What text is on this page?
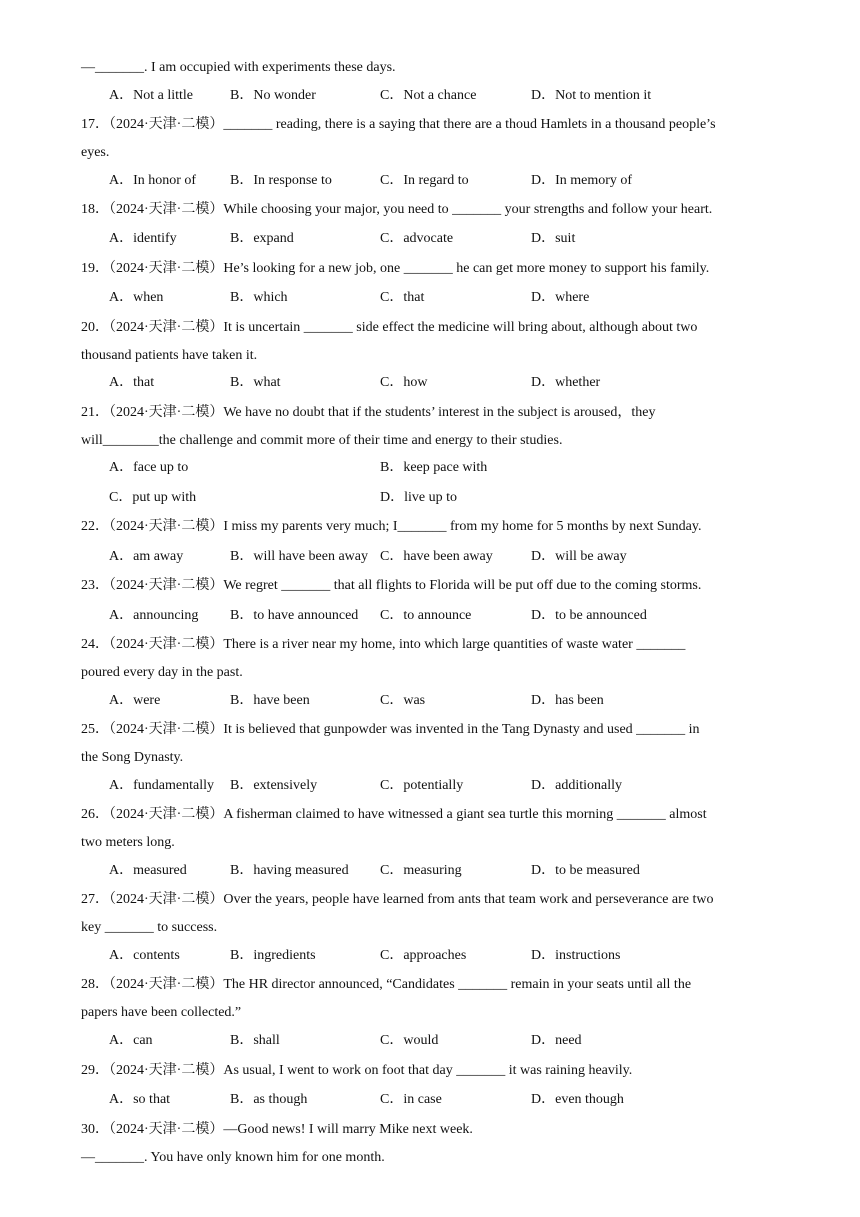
—_______. I am occupied with experiments these days.
A．Not a little	B．No wonder	C．Not a chance	D．Not to mention it
17．（2024·天津·二模）_______ reading, there is a saying that there are a thoud Hamlets in a thousand people’s
eyes.
A．In honor of B．In response to	C．In regard to	D．In memory of
18．（2024·天津·二模）While choosing your major, you need to _______ your strengths and follow your heart.
A．identify	B．expand	C．advocate	D．suit
19．（2024·天津·二模）He’s looking for a new job, one _______ he can get more money to support his family.
A．when	B．which	C．that	D．where
20．（2024·天津·二模）It is uncertain _______ side effect the medicine will bring about, although about two
thousand patients have taken it.
A．that	B．what	C．how	D．whether
21．（2024·天津·二模）We have no doubt that if the students’ interest in the subject is aroused，they
will________the challenge and commit more of their time and energy to their studies.
A．face up to	B．keep pace with
C．put up with	D．live up to
22．（2024·天津·二模）I miss my parents very much; I_______ from my home for 5 months by next Sunday.
A．am away	B．will have been away C．have been away	D．will be away
23．（2024·天津·二模）We regret _______ that all flights to Florida will be put off due to the coming storms.
A．announcing B．to have announced C．to announce	D．to be announced
24．（2024·天津·二模）There is a river near my home, into which large quantities of waste water _______
poured every day in the past.
A．were	B．have been	C．was	D．has been
25．（2024·天津·二模）It is believed that gunpowder was invented in the Tang Dynasty and used _______ in
the Song Dynasty.
A．fundamentally B．extensively	C．potentially	D．additionally
26．（2024·天津·二模）A fisherman claimed to have witnessed a giant sea turtle this morning _______ almost
two meters long.
A．measured	B．having measured C．measuring	D．to be measured
27．（2024·天津·二模）Over the years, people have learned from ants that team work and perseverance are two
key _______ to success.
A．contents	B．ingredients	C．approaches	D．instructions
28．（2024·天津·二模）The HR director announced, “Candidates _______ remain in your seats until all the
papers have been collected.”
A．can	B．shall	C．would	D．need
29．（2024·天津·二模）As usual, I went to work on foot that day _______ it was raining heavily.
A．so that	B．as though	C．in case	D．even though
30．（2024·天津·二模）—Good news! I will marry Mike next week.
—_______. You have only known him for one month.
